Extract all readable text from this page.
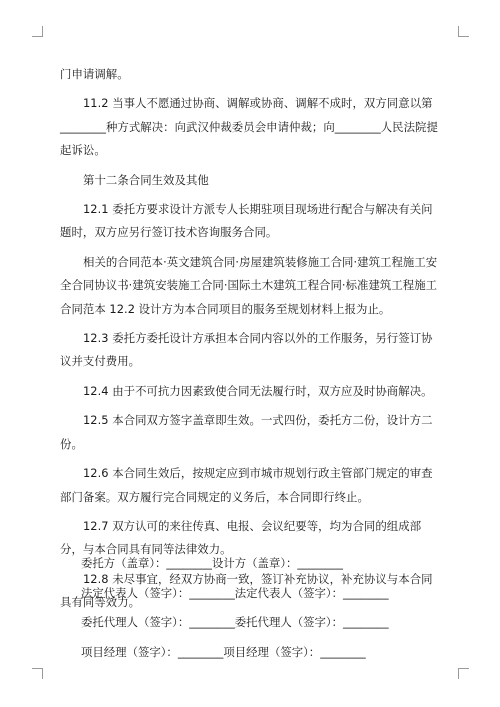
门申请调解。

11.2 当事人不愿通过协商、调解或协商、调解不成时，双方同意以第________种方式解决：向武汉仲裁委员会申请仲裁；向________人民法院提起诉讼。

第十二条合同生效及其他

12.1 委托方要求设计方派专人长期驻项目现场进行配合与解决有关问题时，双方应另行签订技术咨询服务合同。

相关的合同范本·英文建筑合同·房屋建筑装修施工合同·建筑工程施工安全合同协议书·建筑安装施工合同·国际土木建筑工程合同·标准建筑工程施工合同范本 12.2 设计方为本合同项目的服务至规划材料上报为止。

12.3 委托方委托设计方承担本合同内容以外的工作服务，另行签订协议并支付费用。

12.4 由于不可抗力因素致使合同无法履行时，双方应及时协商解决。

12.5 本合同双方签字盖章即生效。一式四份，委托方二份，设计方二份。

12.6 本合同生效后，按规定应到市城市规划行政主管部门规定的审查部门备案。双方履行完合同规定的义务后，本合同即行终止。

12.7 双方认可的来往传真、电报、会议纪要等，均为合同的组成部分，与本合同具有同等法律效力。

12.8 未尽事宜，经双方协商一致，签订补充协议，补充协议与本合同具有同等效力。

委托方（盖章）：________设计方（盖章）：________

法定代表人（签字）：________法定代表人（签字）：________

委托代理人（签字）：________委托代理人（签字）：________

项目经理（签字）：________项目经理（签字）：________
